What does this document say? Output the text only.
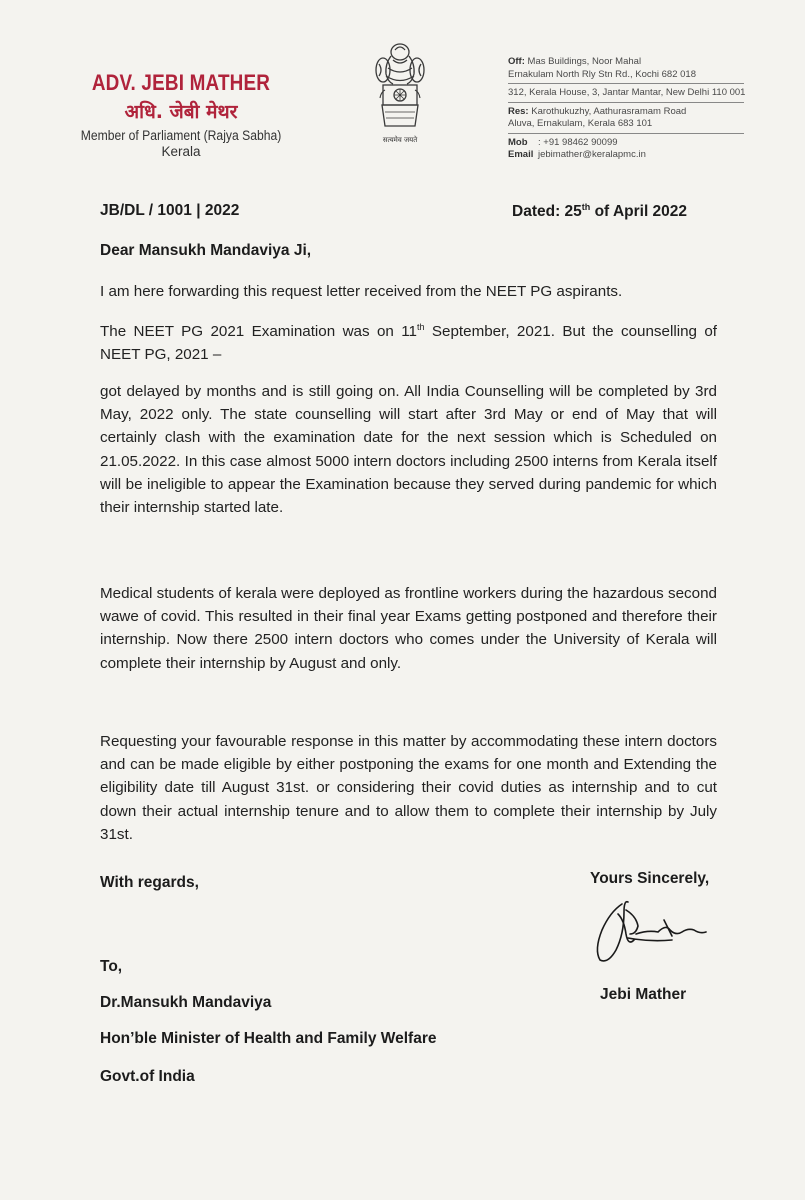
ADV. JEBI MATHER
अधि. जेबी मेथर
Member of Parliament (Rajya Sabha)
Kerala
सत्यमेव जयते
Off: Mas Buildings, Noor Mahal
Ernakulam North Rly Stn Rd., Kochi 682 018
312, Kerala House, 3, Jantar Mantar, New Delhi 110 001
Res: Karothukuzhy, Aathurasramam Road
Aluva, Ernakulam, Kerala 683 101
Mob : +91 98462 90099
Email jebimather@keralapmc.in
JB/DL / 1001 | 2022	Dated: 25th of April 2022
Dear Mansukh Mandaviya Ji,
I am here forwarding this request letter received from the NEET PG aspirants.
The NEET PG 2021 Examination was on 11th September, 2021. But the counselling of NEET PG, 2021 –
got delayed by months and is still going on. All India Counselling will be completed by 3rd May, 2022 only. The state counselling will start after 3rd May or end of May that will certainly clash with the examination date for the next session which is Scheduled on 21.05.2022. In this case almost 5000 intern doctors including 2500 interns from Kerala itself will be ineligible to appear the Examination because they served during pandemic for which their internship started late.
Medical students of kerala were deployed as frontline workers during the hazardous second wawe of covid. This resulted in their final year Exams getting postponed and therefore their internship. Now there 2500 intern doctors who comes under the University of Kerala will complete their internship by August and only.
Requesting your favourable response in this matter by accommodating these intern doctors and can be made eligible by either postponing the exams for one month and Extending the eligibility date till August 31st. or considering their covid duties as internship and to cut down their actual internship tenure and to allow them to complete their internship by July 31st.
With regards,	Yours Sincerely,
Jebi Mather
To,
Dr.Mansukh Mandaviya
Hon’ble Minister of Health and Family Welfare
Govt.of India
